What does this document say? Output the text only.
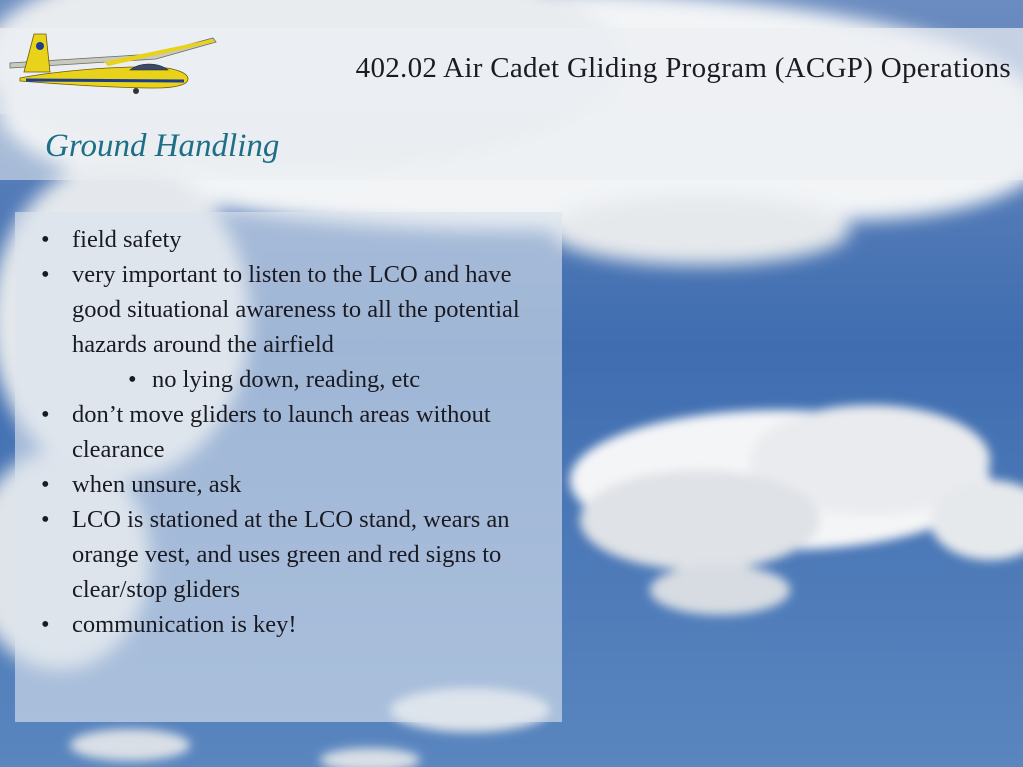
402.02 Air Cadet Gliding Program (ACGP) Operations
Ground Handling
• field safety
• very important to listen to the LCO and have good situational awareness to all the potential hazards around the airfield
• no lying down, reading, etc
• don’t move gliders to launch areas without clearance
• when unsure, ask
• LCO is stationed at the LCO stand, wears an orange vest, and uses green and red signs to clear/stop gliders
• communication is key!
